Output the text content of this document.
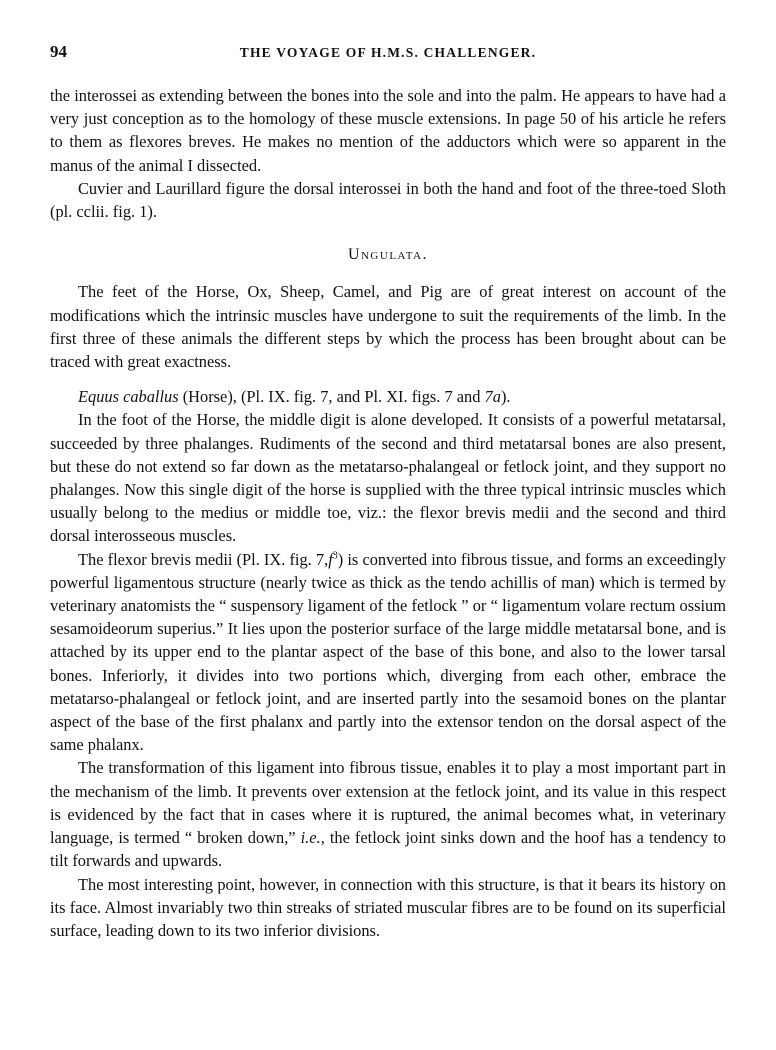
94	THE VOYAGE OF H.M.S. CHALLENGER.

the interossei as extending between the bones into the sole and into the palm. He appears to have had a very just conception as to the homology of these muscle extensions. In page 50 of his article he refers to them as flexores breves. He makes no mention of the adductors which were so apparent in the manus of the animal I dissected.

Cuvier and Laurillard figure the dorsal interossei in both the hand and foot of the three-toed Sloth (pl. cclii. fig. 1).

Ungulata.

The feet of the Horse, Ox, Sheep, Camel, and Pig are of great interest on account of the modifications which the intrinsic muscles have undergone to suit the requirements of the limb. In the first three of these animals the different steps by which the process has been brought about can be traced with great exactness.

Equus caballus (Horse), (Pl. IX. fig. 7, and Pl. XI. figs. 7 and 7a).

In the foot of the Horse, the middle digit is alone developed. It consists of a powerful metatarsal, succeeded by three phalanges. Rudiments of the second and third metatarsal bones are also present, but these do not extend so far down as the metatarso-phalangeal or fetlock joint, and they support no phalanges. Now this single digit of the horse is supplied with the three typical intrinsic muscles which usually belong to the medius or middle toe, viz.: the flexor brevis medii and the second and third dorsal interosseous muscles.

The flexor brevis medii (Pl. IX. fig. $7,f^3$) is converted into fibrous tissue, and forms an exceedingly powerful ligamentous structure (nearly twice as thick as the tendo achillis of man) which is termed by veterinary anatomists the “ suspensory ligament of the fetlock ” or “ ligamentum volare rectum ossium sesamoideorum superius.” It lies upon the posterior surface of the large middle metatarsal bone, and is attached by its upper end to the plantar aspect of the base of this bone, and also to the lower tarsal bones. Inferiorly, it divides into two portions which, diverging from each other, embrace the metatarso-phalangeal or fetlock joint, and are inserted partly into the sesamoid bones on the plantar aspect of the base of the first phalanx and partly into the extensor tendon on the dorsal aspect of the same phalanx.

The transformation of this ligament into fibrous tissue, enables it to play a most important part in the mechanism of the limb. It prevents over extension at the fetlock joint, and its value in this respect is evidenced by the fact that in cases where it is ruptured, the animal becomes what, in veterinary language, is termed “ broken down,” i.e., the fetlock joint sinks down and the hoof has a tendency to tilt forwards and upwards.

The most interesting point, however, in connection with this structure, is that it bears its history on its face. Almost invariably two thin streaks of striated muscular fibres are to be found on its superficial surface, leading down to its two inferior divisions.
